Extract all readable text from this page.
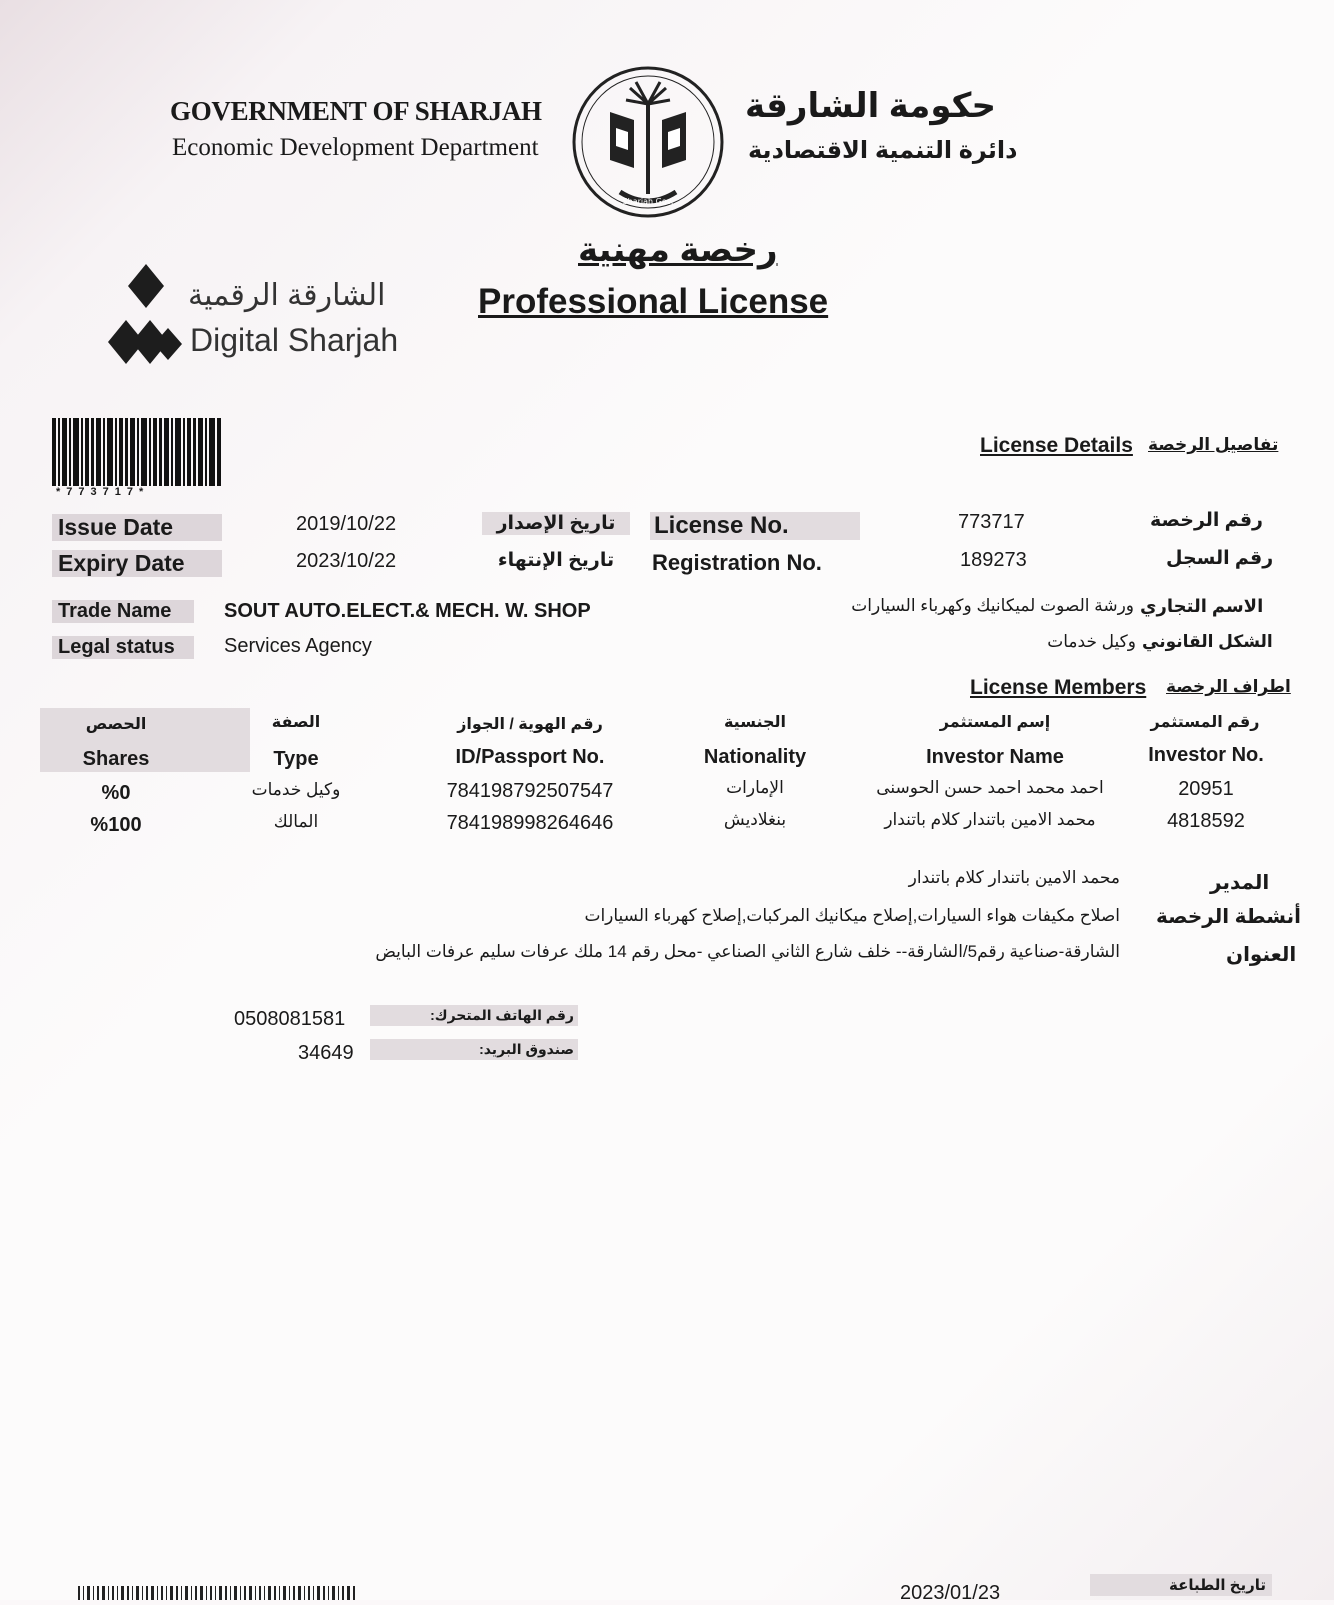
GOVERNMENT OF SHARJAH
Economic Development Department
Sharjah Gov.
حكومة الشارقة
دائرة التنمية الاقتصادية
الشارقة الرقمية
Digital Sharjah
رخصة مهنية
Professional License
*773717*
License Details تفاصيل الرخصة
Issue Date	2019/10/22	تاريخ الإصدار
Expiry Date	2023/10/22	تاريخ الإنتهاء
License No.	773717	رقم الرخصة
Registration No.	189273	رقم السجل
Trade Name	SOUT AUTO.ELECT.& MECH. W. SHOP	ورشة الصوت لميكانيك وكهرباء السيارات الاسم التجاري
Legal status	Services Agency	وكيل خدمات الشكل القانوني
License Members اطراف الرخصة
الحصص	الصفة	رقم الهوية / الجواز	الجنسية	إسم المستثمر	رقم المستثمر
Shares	Type	ID/Passport No.	Nationality	Investor Name	Investor No.
%0	وكيل خدمات	784198792507547	الإمارات	احمد محمد احمد حسن الحوسنى	20951
%100	المالك	784198998264646	بنغلاديش	محمد الامين باتندار كلام باتندار	4818592
المدير
محمد الامين باتندار كلام باتندار
أنشطة الرخصة
اصلاح مكيفات هواء السيارات,إصلاح ميكانيك المركبات,إصلاح كهرباء السيارات
العنوان
الشارقة-صناعية رقم5/الشارقة-- خلف شارع الثاني الصناعي -محل رقم 14 ملك عرفات سليم عرفات البايض
0508081581	رقم الهاتف المتحرك:
34649	صندوق البريد:
2023/01/23	تاريخ الطباعة
